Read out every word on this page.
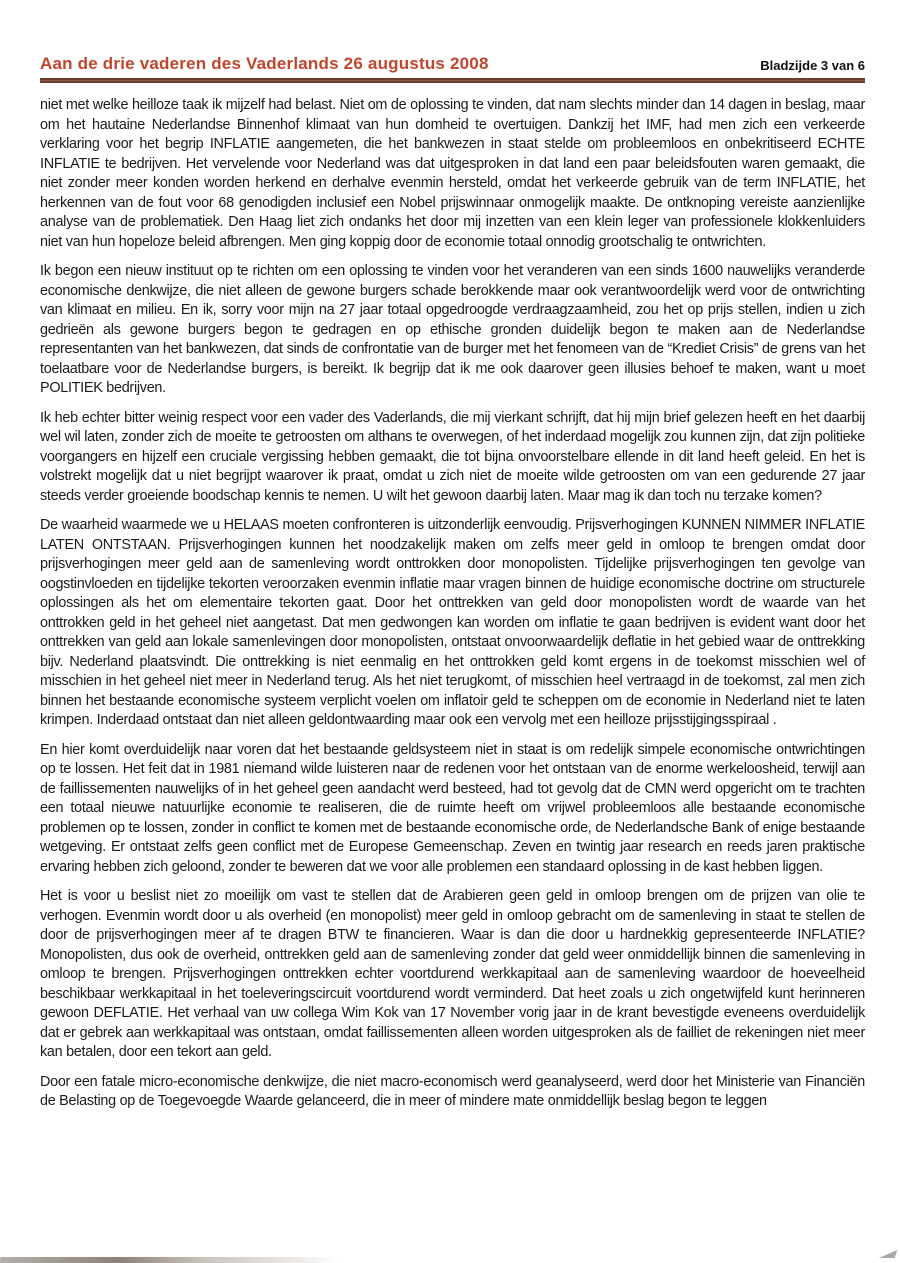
Aan de drie vaderen des Vaderlands 26 augustus 2008	Bladzijde 3 van 6

niet met welke heilloze taak ik mijzelf had belast. Niet om de oplossing te vinden, dat nam slechts minder dan 14 dagen in beslag, maar om het hautaine Nederlandse Binnenhof klimaat van hun domheid te overtuigen. Dankzij het IMF, had men zich een verkeerde verklaring voor het begrip INFLATIE aangemeten, die het bankwezen in staat stelde om probleemloos en onbekritiseerd ECHTE INFLATIE te bedrijven. Het vervelende voor Nederland was dat uitgesproken in dat land een paar beleidsfouten waren gemaakt, die niet zonder meer konden worden herkend en derhalve evenmin hersteld, omdat het verkeerde gebruik van de term INFLATIE, het herkennen van de fout voor 68 genodigden inclusief een Nobel prijswinnaar onmogelijk maakte. De ontknoping vereiste aanzienlijke analyse van de problematiek. Den Haag liet zich ondanks het door mij inzetten van een klein leger van professionele klokkenluiders niet van hun hopeloze beleid afbrengen. Men ging koppig door de economie totaal onnodig grootschalig te ontwrichten.

Ik begon een nieuw instituut op te richten om een oplossing te vinden voor het veranderen van een sinds 1600 nauwelijks veranderde economische denkwijze, die niet alleen de gewone burgers schade berokkende maar ook verantwoordelijk werd voor de ontwrichting van klimaat en milieu. En ik, sorry voor mijn na 27 jaar totaal opgedroogde verdraagzaamheid, zou het op prijs stellen, indien u zich gedrieën als gewone burgers begon te gedragen en op ethische gronden duidelijk begon te maken aan de Nederlandse representanten van het bankwezen, dat sinds de confrontatie van de burger met het fenomeen van de “Krediet Crisis” de grens van het toelaatbare voor de Nederlandse burgers, is bereikt. Ik begrijp dat ik me ook daarover geen illusies behoef te maken, want u moet POLITIEK bedrijven.

Ik heb echter bitter weinig respect voor een vader des Vaderlands, die mij vierkant schrijft, dat hij mijn brief gelezen heeft en het daarbij wel wil laten, zonder zich de moeite te getroosten om althans te overwegen, of het inderdaad mogelijk zou kunnen zijn, dat zijn politieke voorgangers en hijzelf een cruciale vergissing hebben gemaakt, die tot bijna onvoorstelbare ellende in dit land heeft geleid. En het is volstrekt mogelijk dat u niet begrijpt waarover ik praat, omdat u zich niet de moeite wilde getroosten om van een gedurende 27 jaar steeds verder groeiende boodschap kennis te nemen. U wilt het gewoon daarbij laten. Maar mag ik dan toch nu terzake komen?

De waarheid waarmede we u HELAAS moeten confronteren is uitzonderlijk eenvoudig. Prijsverhogingen KUNNEN NIMMER INFLATIE LATEN ONTSTAAN. Prijsverhogingen kunnen het noodzakelijk maken om zelfs meer geld in omloop te brengen omdat door prijsverhogingen meer geld aan de samenleving wordt onttrokken door monopolisten. Tijdelijke prijsverhogingen ten gevolge van oogstinvloeden en tijdelijke tekorten veroorzaken evenmin inflatie maar vragen binnen de huidige economische doctrine om structurele oplossingen als het om elementaire tekorten gaat. Door het onttrekken van geld door monopolisten wordt de waarde van het onttrokken geld in het geheel niet aangetast. Dat men gedwongen kan worden om inflatie te gaan bedrijven is evident want door het onttrekken van geld aan lokale samenlevingen door monopolisten, ontstaat onvoorwaardelijk deflatie in het gebied waar de onttrekking bijv. Nederland plaatsvindt. Die onttrekking is niet eenmalig en het onttrokken geld komt ergens in de toekomst misschien wel of misschien in het geheel niet meer in Nederland terug. Als het niet terugkomt, of misschien heel vertraagd in de toekomst, zal men zich binnen het bestaande economische systeem verplicht voelen om inflatoir geld te scheppen om de economie in Nederland niet te laten krimpen. Inderdaad ontstaat dan niet alleen geldontwaarding maar ook een vervolg met een heilloze prijsstijgingsspiraal .

En hier komt overduidelijk naar voren dat het bestaande geldsysteem niet in staat is om redelijk simpele economische ontwrichtingen op te lossen. Het feit dat in 1981 niemand wilde luisteren naar de redenen voor het ontstaan van de enorme werkeloosheid, terwijl aan de faillissementen nauwelijks of in het geheel geen aandacht werd besteed, had tot gevolg dat de CMN werd opgericht om te trachten een totaal nieuwe natuurlijke economie te realiseren, die de ruimte heeft om vrijwel probleemloos alle bestaande economische problemen op te lossen, zonder in conflict te komen met de bestaande economische orde, de Nederlandsche Bank of enige bestaande wetgeving. Er ontstaat zelfs geen conflict met de Europese Gemeenschap. Zeven en twintig jaar research en reeds jaren praktische ervaring hebben zich geloond, zonder te beweren dat we voor alle problemen een standaard oplossing in de kast hebben liggen.

Het is voor u beslist niet zo moeilijk om vast te stellen dat de Arabieren geen geld in omloop brengen om de prijzen van olie te verhogen. Evenmin wordt door u als overheid (en monopolist) meer geld in omloop gebracht om de samenleving in staat te stellen de door de prijsverhogingen meer af te dragen BTW te financieren. Waar is dan die door u hardnekkig gepresenteerde INFLATIE? Monopolisten, dus ook de overheid, onttrekken geld aan de samenleving zonder dat geld weer onmiddellijk binnen die samenleving in omloop te brengen. Prijsverhogingen onttrekken echter voortdurend werkkapitaal aan de samenleving waardoor de hoeveelheid beschikbaar werkkapitaal in het toeleveringscircuit voortdurend wordt verminderd. Dat heet zoals u zich ongetwijfeld kunt herinneren gewoon DEFLATIE. Het verhaal van uw collega Wim Kok van 17 November vorig jaar in de krant bevestigde eveneens overduidelijk dat er gebrek aan werkkapitaal was ontstaan, omdat faillissementen alleen worden uitgesproken als de failliet de rekeningen niet meer kan betalen, door een tekort aan geld.

Door een fatale micro-economische denkwijze, die niet macro-economisch werd geanalyseerd, werd door het Ministerie van Financiën de Belasting op de Toegevoegde Waarde gelanceerd, die in meer of mindere mate onmiddellijk beslag begon te leggen
